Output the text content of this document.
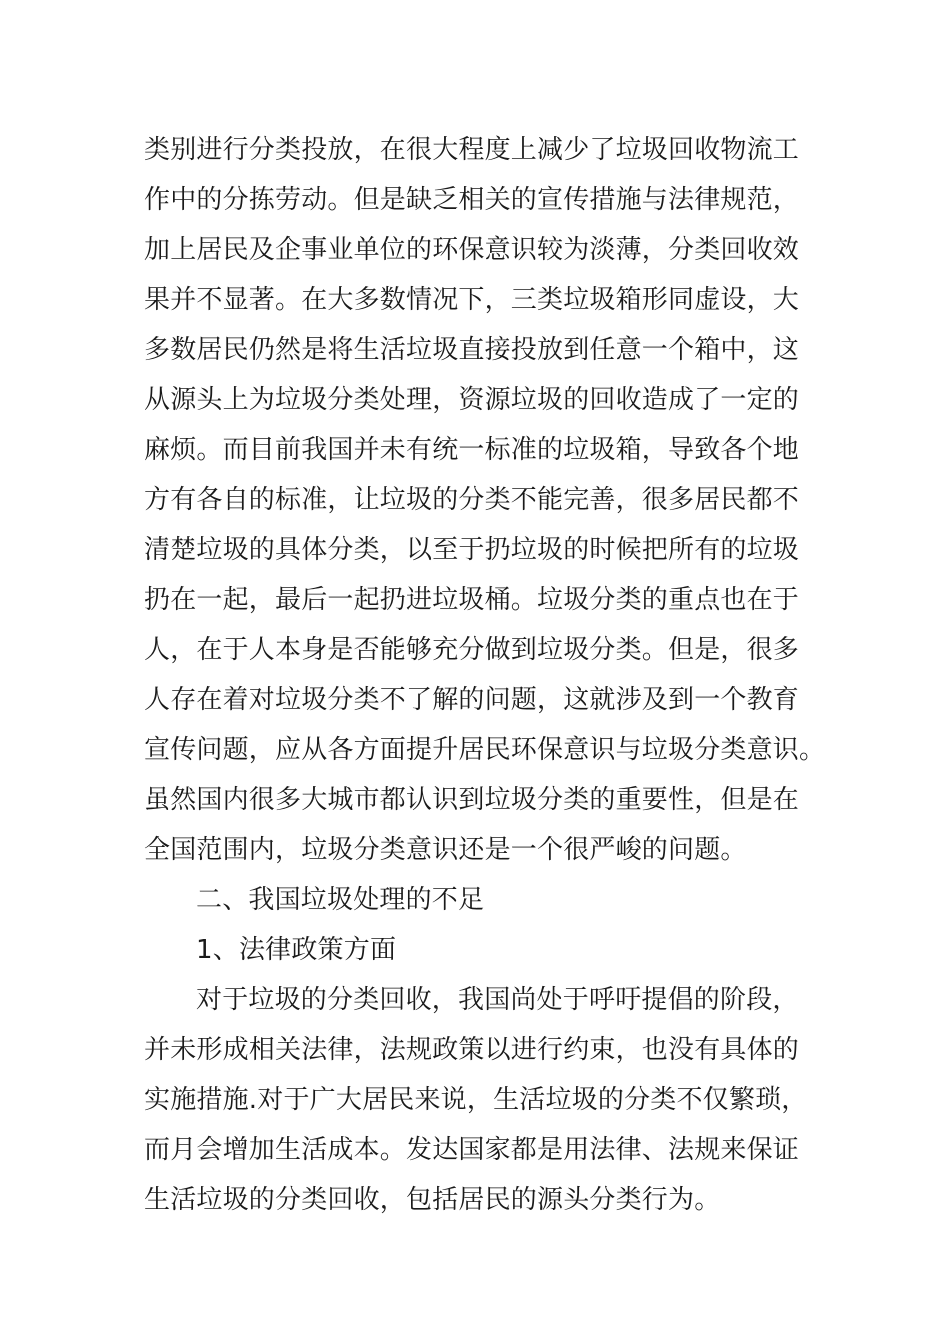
类别进行分类投放，在很大程度上减少了垃圾回收物流工
作中的分拣劳动。但是缺乏相关的宣传措施与法律规范，
加上居民及企事业单位的环保意识较为淡薄，分类回收效
果并不显著。在大多数情况下，三类垃圾箱形同虚设，大
多数居民仍然是将生活垃圾直接投放到任意一个箱中，这
从源头上为垃圾分类处理，资源垃圾的回收造成了一定的
麻烦。而目前我国并未有统一标准的垃圾箱，导致各个地
方有各自的标准，让垃圾的分类不能完善，很多居民都不
清楚垃圾的具体分类，以至于扔垃圾的时候把所有的垃圾
扔在一起，最后一起扔进垃圾桶。垃圾分类的重点也在于
人，在于人本身是否能够充分做到垃圾分类。但是，很多
人存在着对垃圾分类不了解的问题，这就涉及到一个教育
宣传问题，应从各方面提升居民环保意识与垃圾分类意识。
虽然国内很多大城市都认识到垃圾分类的重要性，但是在
全国范围内，垃圾分类意识还是一个很严峻的问题。
二、我国垃圾处理的不足
1、法律政策方面
对于垃圾的分类回收，我国尚处于呼吁提倡的阶段，
并未形成相关法律，法规政策以进行约束，也没有具体的
实施措施.对于广大居民来说，生活垃圾的分类不仅繁琐，
而月会增加生活成本。发达国家都是用法律、法规来保证
生活垃圾的分类回收，包括居民的源头分类行为。
